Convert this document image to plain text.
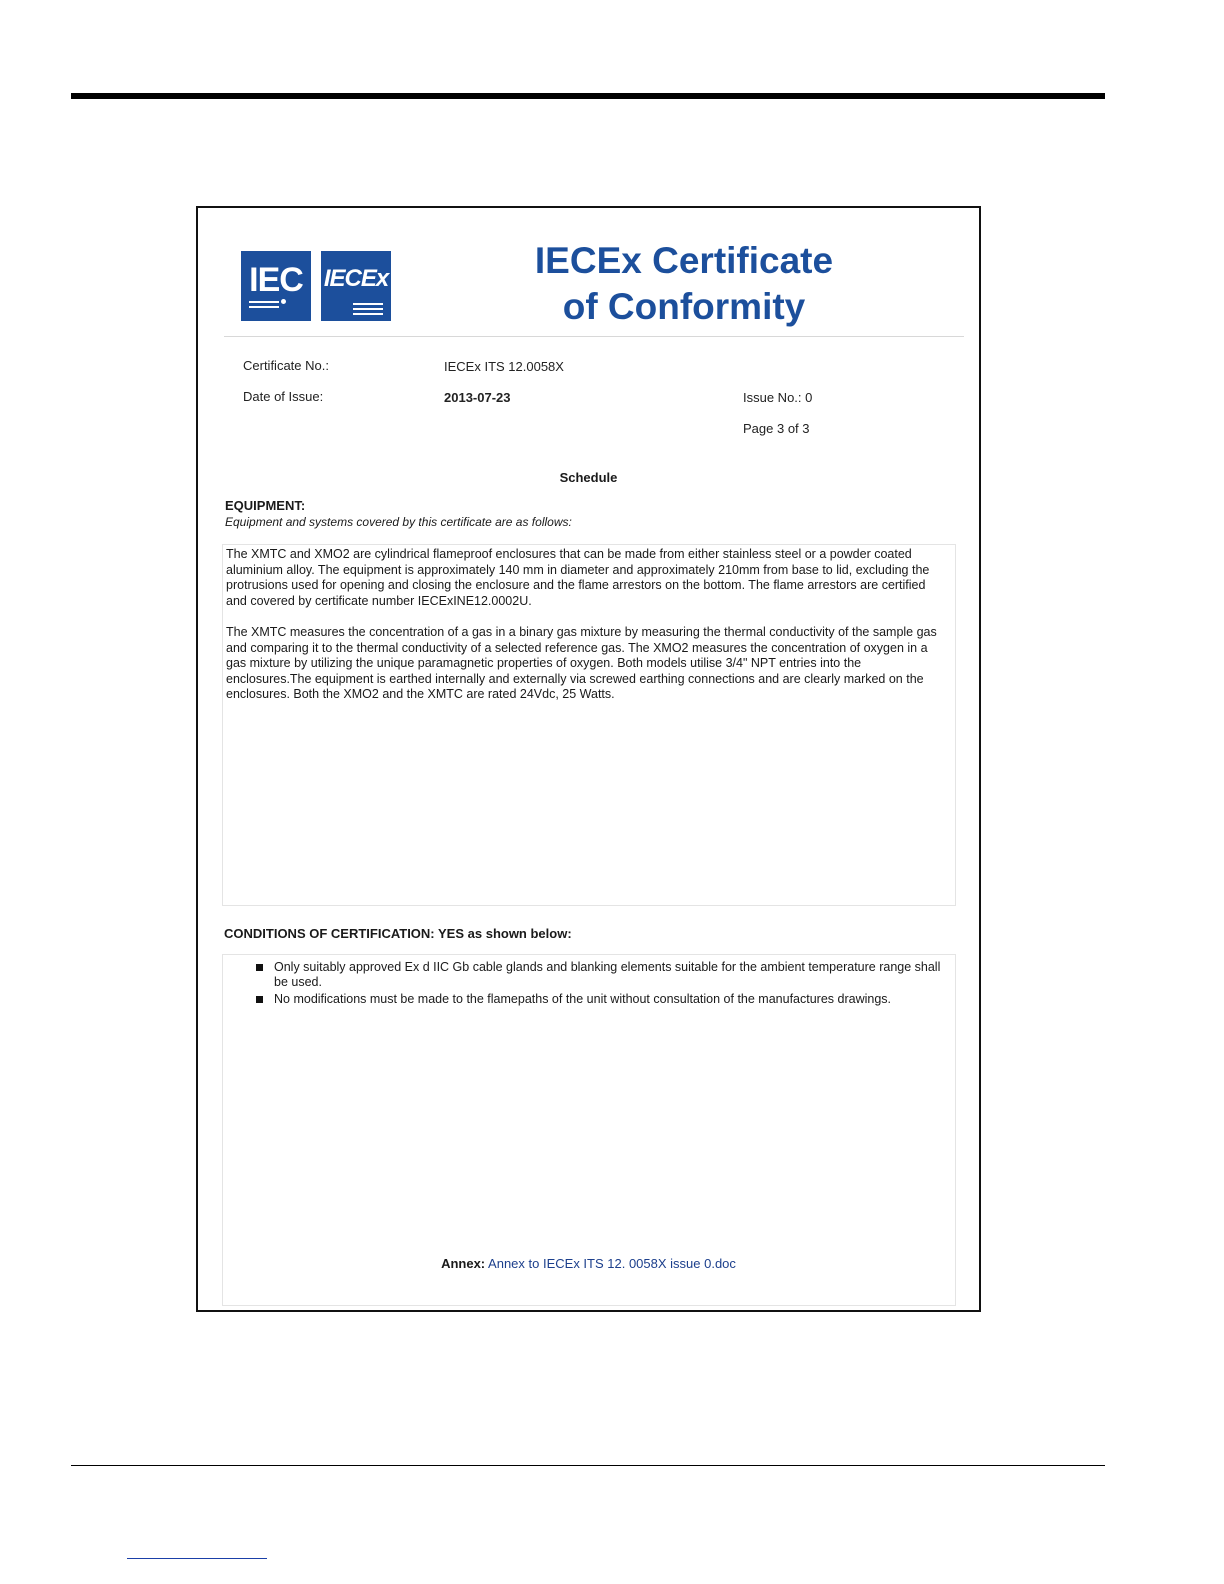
IEC IECEx	IECEx Certificate
of Conformity
Certificate No.:	IECEx ITS 12.0058X
Date of Issue:	2013-07-23	Issue No.: 0
Page 3 of 3
Schedule
EQUIPMENT:
Equipment and systems covered by this certificate are as follows:
The XMTC and XMO2 are cylindrical flameproof enclosures that can be made from either stainless steel or a powder coated aluminium alloy. The equipment is approximately 140 mm in diameter and approximately 210mm from base to lid, excluding the protrusions used for opening and closing the enclosure and the flame arrestors on the bottom. The flame arrestors are certified and covered by certificate number IECExINE12.0002U.
The XMTC measures the concentration of a gas in a binary gas mixture by measuring the thermal conductivity of the sample gas and comparing it to the thermal conductivity of a selected reference gas. The XMO2 measures the concentration of oxygen in a gas mixture by utilizing the unique paramagnetic properties of oxygen. Both models utilise 3/4" NPT entries into the enclosures.The equipment is earthed internally and externally via screwed earthing connections and are clearly marked on the enclosures. Both the XMO2 and the XMTC are rated 24Vdc, 25 Watts.
CONDITIONS OF CERTIFICATION: YES as shown below:
Only suitably approved Ex d IIC Gb cable glands and blanking elements suitable for the ambient temperature range shall be used.
No modifications must be made to the flamepaths of the unit without consultation of the manufactures drawings.
Annex: Annex to IECEx ITS 12. 0058X issue 0.doc
